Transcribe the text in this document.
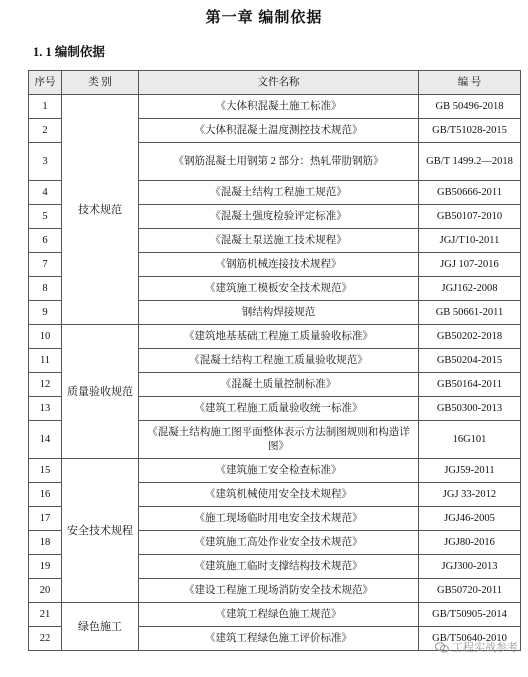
第一章 编制依据
1. 1 编制依据
序号	类 别	文件名称	编 号
1	技术规范	《大体积混凝土施工标准》	GB 50496-2018
2		《大体积混凝土温度测控技术规范》	GB/T51028-2015
3		《钢筋混凝土用钢第 2 部分：热轧带肋钢筋》	GB/T 1499.2—2018
4		《混凝土结构工程施工规范》	GB50666-2011
5		《混凝土强度检验评定标准》	GB50107-2010
6		《混凝土泵送施工技术规程》	JGJ/T10-2011
7		《钢筋机械连接技术规程》	JGJ 107-2016
8		《建筑施工模板安全技术规范》	JGJ162-2008
9		钢结构焊接规范	GB 50661-2011
10	质量验收规范	《建筑地基基础工程施工质量验收标准》	GB50202-2018
11		《混凝土结构工程施工质量验收规范》	GB50204-2015
12		《混凝土质量控制标准》	GB50164-2011
13		《建筑工程施工质量验收统一标准》	GB50300-2013
14		《混凝土结构施工图平面整体表示方法制图规则和构造详图》	16G101
15	安全技术规程	《建筑施工安全检查标准》	JGJ59-2011
16		《建筑机械使用安全技术规程》	JGJ 33-2012
17		《施工现场临时用电安全技术规范》	JGJ46-2005
18		《建筑施工高处作业安全技术规范》	JGJ80-2016
19		《建筑施工临时支撑结构技术规范》	JGJ300-2013
20		《建设工程施工现场消防安全技术规范》	GB50720-2011
21	绿色施工	《建筑工程绿色施工规范》	GB/T50905-2014
22		《建筑工程绿色施工评价标准》	GB/T50640-2010
工程实战参考
